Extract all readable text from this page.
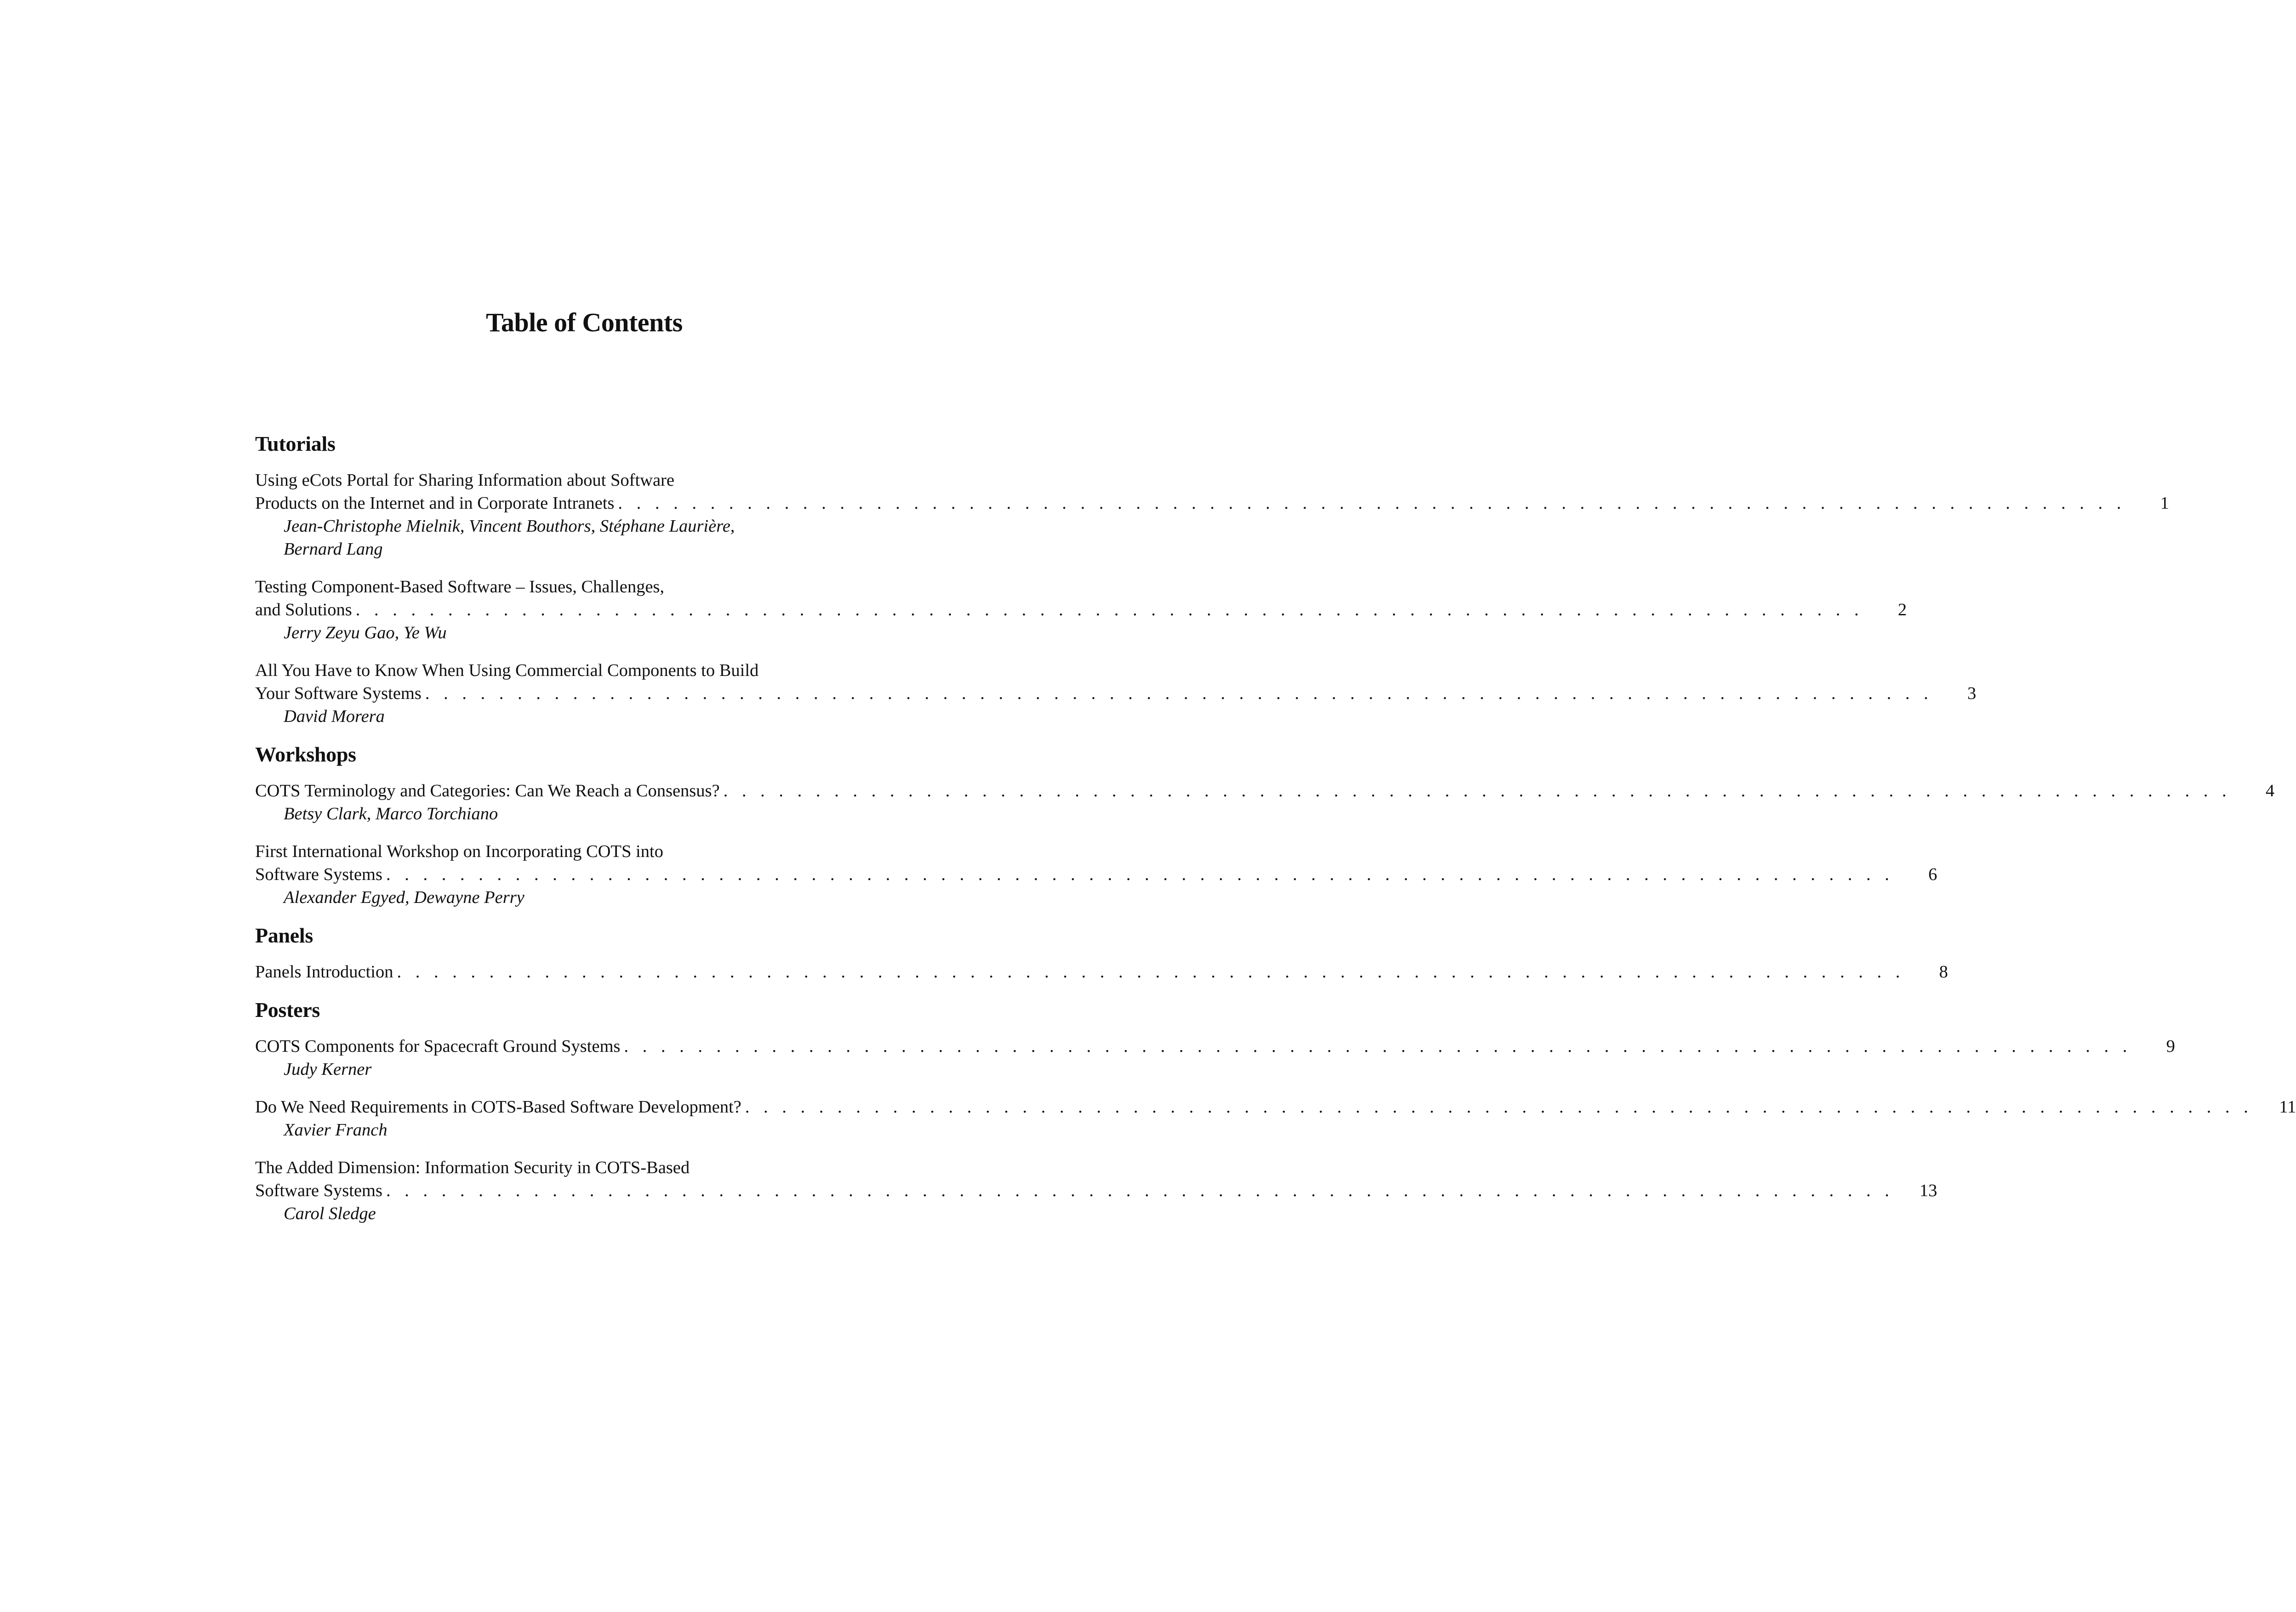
Table of Contents
Tutorials
Using eCots Portal for Sharing Information about Software
Products on the Internet and in Corporate Intranets . . . . . . . . . . . . . . . . . . . . . . . . . . . . . . . . . . . . . . . . . . . . . . . . . . . . . . . . . . . . . . . . . . . . . . . . . . . . . . . . . .	1
Jean-Christophe Mielnik, Vincent Bouthors, Stéphane Laurière,
Bernard Lang
Testing Component-Based Software – Issues, Challenges,
and Solutions . . . . . . . . . . . . . . . . . . . . . . . . . . . . . . . . . . . . . . . . . . . . . . . . . . . . . . . . . . . . . . . . . . . . . . . . . . . . . . . . . .	2
Jerry Zeyu Gao, Ye Wu
All You Have to Know When Using Commercial Components to Build
Your Software Systems . . . . . . . . . . . . . . . . . . . . . . . . . . . . . . . . . . . . . . . . . . . . . . . . . . . . . . . . . . . . . . . . . . . . . . . . . . . . . . . . . .	3
David Morera
Workshops
COTS Terminology and Categories: Can We Reach a Consensus? . . . . . . . . . . . . . . . . . . . . . . . . . . . . . . . . . . . . . . . . . . . . . . . . . . . . . . . . . . . . . . . . . . . . . . . . . . . . . . . . . .	4
Betsy Clark, Marco Torchiano
First International Workshop on Incorporating COTS into
Software Systems . . . . . . . . . . . . . . . . . . . . . . . . . . . . . . . . . . . . . . . . . . . . . . . . . . . . . . . . . . . . . . . . . . . . . . . . . . . . . . . . . .	6
Alexander Egyed, Dewayne Perry
Panels
Panels Introduction . . . . . . . . . . . . . . . . . . . . . . . . . . . . . . . . . . . . . . . . . . . . . . . . . . . . . . . . . . . . . . . . . . . . . . . . . . . . . . . . . .	8
Posters
COTS Components for Spacecraft Ground Systems . . . . . . . . . . . . . . . . . . . . . . . . . . . . . . . . . . . . . . . . . . . . . . . . . . . . . . . . . . . . . . . . . . . . . . . . . . . . . . . . . .	9
Judy Kerner
Do We Need Requirements in COTS-Based Software Development? . . . . . . . . . . . . . . . . . . . . . . . . . . . . . . . . . . . . . . . . . . . . . . . . . . . . . . . . . . . . . . . . . . . . . . . . . . . . . . . . . . 11
Xavier Franch
The Added Dimension: Information Security in COTS-Based
Software Systems . . . . . . . . . . . . . . . . . . . . . . . . . . . . . . . . . . . . . . . . . . . . . . . . . . . . . . . . . . . . . . . . . . . . . . . . . . . . . . . . . . 13
Carol Sledge
